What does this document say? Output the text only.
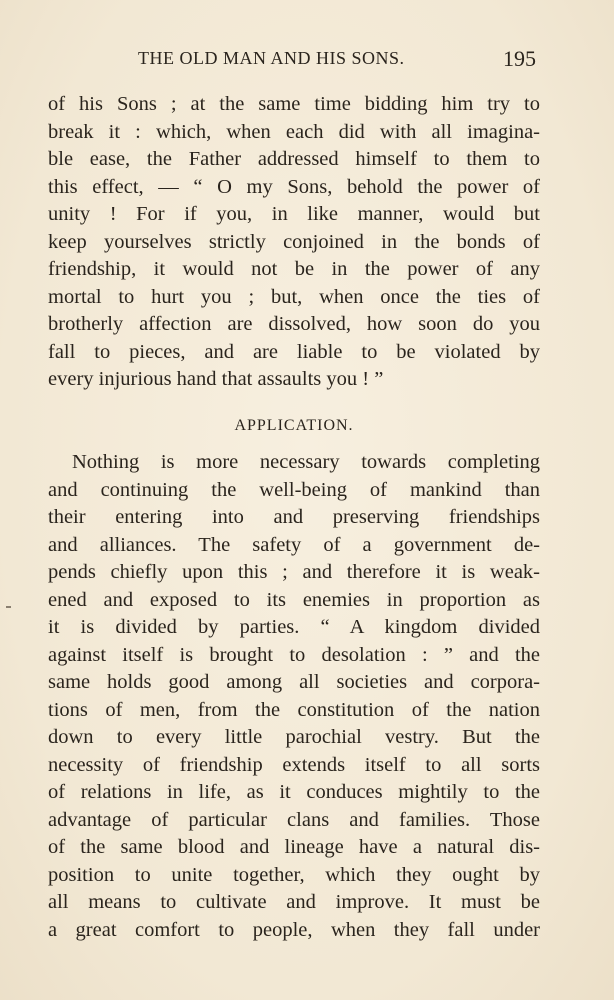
THE OLD MAN AND HIS SONS.	195
of his Sons ; at the same time bidding him try to
break it : which, when each did with all imagina-
ble ease, the Father addressed himself to them to
this effect, — “ O my Sons, behold the power of
unity ! For if you, in like manner, would but
keep yourselves strictly conjoined in the bonds of
friendship, it would not be in the power of any
mortal to hurt you ; but, when once the ties of
brotherly affection are dissolved, how soon do you
fall to pieces, and are liable to be violated by
every injurious hand that assaults you ! ”
APPLICATION.
Nothing is more necessary towards completing
and continuing the well-being of mankind than
their entering into and preserving friendships
and alliances. The safety of a government de-
pends chiefly upon this ; and therefore it is weak-
ened and exposed to its enemies in proportion as
it is divided by parties. “ A kingdom divided
against itself is brought to desolation : ” and the
same holds good among all societies and corpora-
tions of men, from the constitution of the nation
down to every little parochial vestry. But the
necessity of friendship extends itself to all sorts
of relations in life, as it conduces mightily to the
advantage of particular clans and families. Those
of the same blood and lineage have a natural dis-
position to unite together, which they ought by
all means to cultivate and improve. It must be
a great comfort to people, when they fall under
